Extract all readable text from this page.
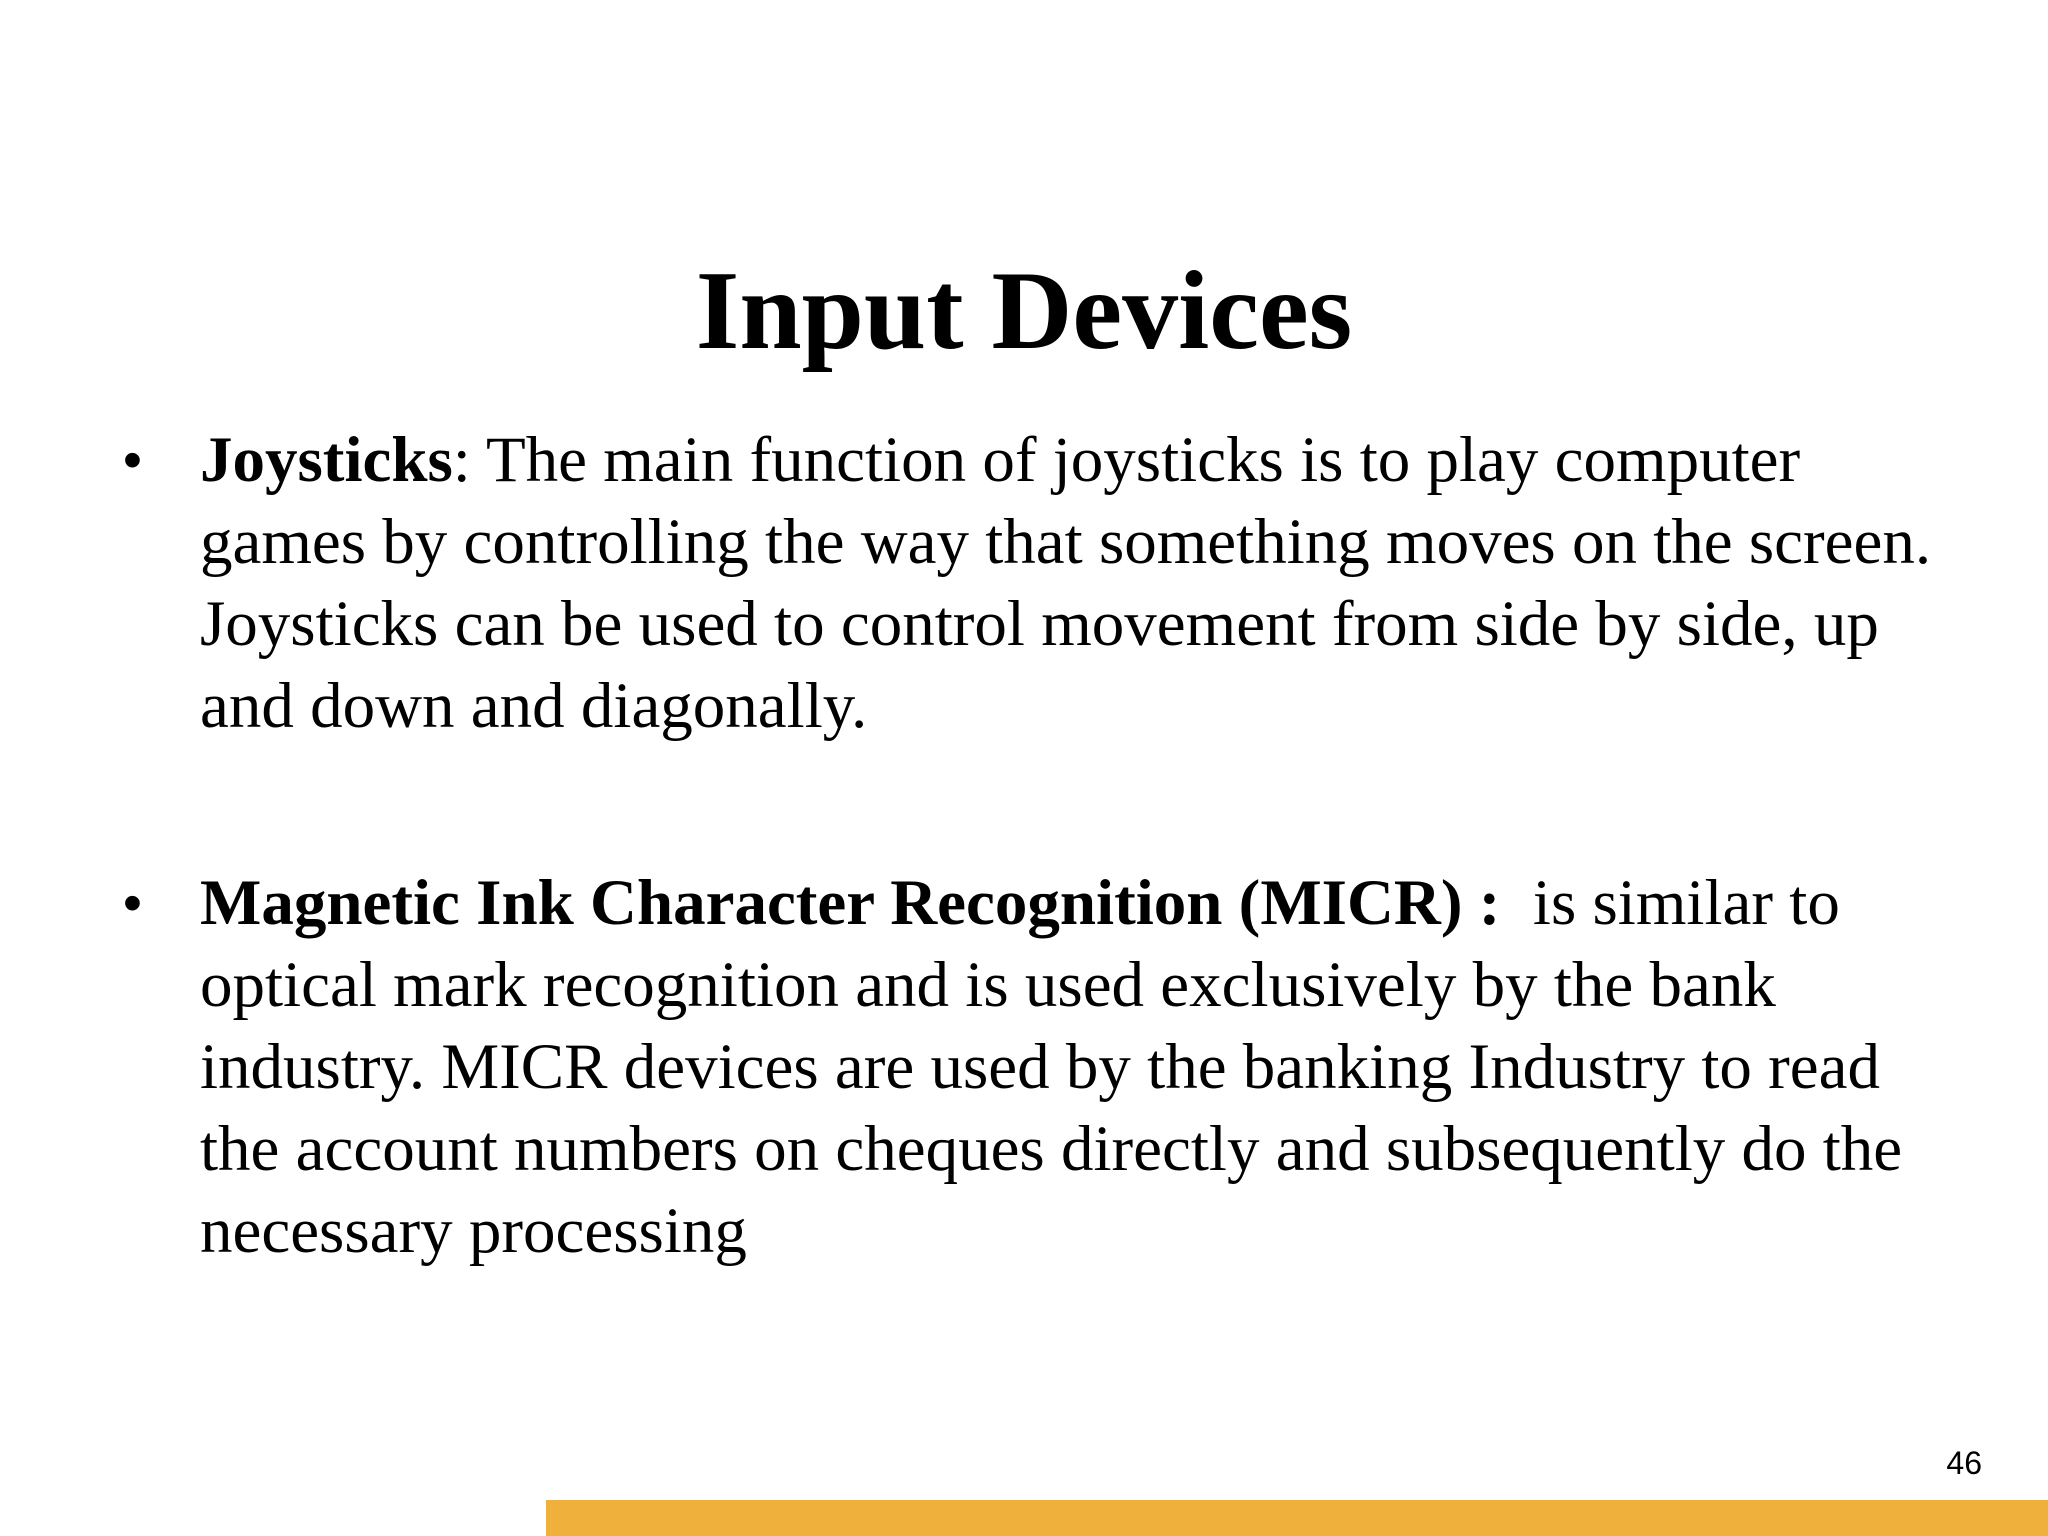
Input Devices
• Joysticks: The main function of joysticks is to play computer games by controlling the way that something moves on the screen. Joysticks can be used to control movement from side by side, up and down and diagonally.
• Magnetic Ink Character Recognition (MICR) : is similar to optical mark recognition and is used exclusively by the bank industry. MICR devices are used by the banking Industry to read the account numbers on cheques directly and subsequently do the necessary processing
46
